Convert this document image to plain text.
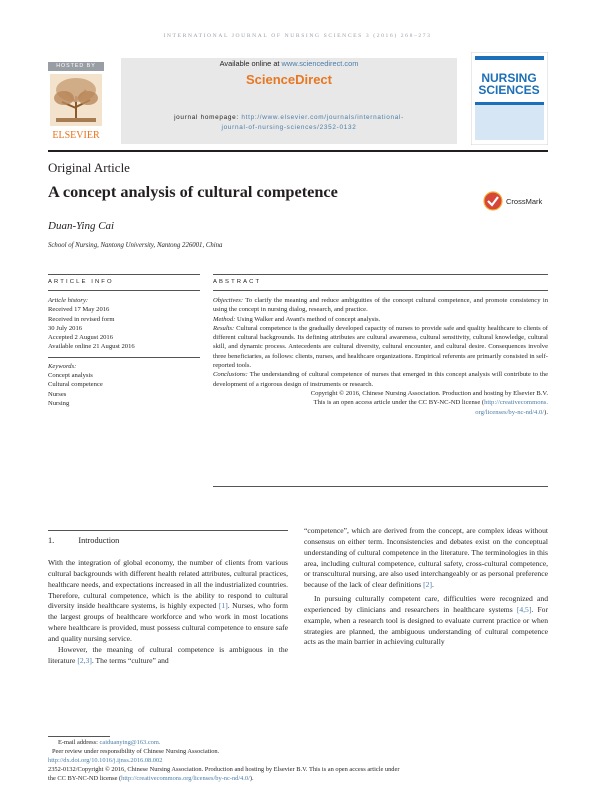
INTERNATIONAL JOURNAL OF NURSING SCIENCES 3 (2016) 268–273
HOSTED BY
ELSEVIER
Available online at www.sciencedirect.com
ScienceDirect
journal homepage: http://www.elsevier.com/journals/international-
journal-of-nursing-sciences/2352-0132
NURSING
SCIENCES
Original Article
A concept analysis of cultural competence
CrossMark
Duan-Ying Cai
School of Nursing, Nantong University, Nantong 226001, China
ARTICLE INFO	ABSTRACT
Article history:
Received 17 May 2016
Received in revised form
30 July 2016
Accepted 2 August 2016
Available online 21 August 2016
Keywords:
Concept analysis
Cultural competence
Nurses
Nursing

Objectives: To clarify the meaning and reduce ambiguities of the concept cultural competence, and promote consistency in using the concept in nursing dialog, research, and practice.

Method: Using Walker and Avant's method of concept analysis.

Results: Cultural competence is the gradually developed capacity of nurses to provide safe and quality healthcare to clients of different cultural backgrounds. Its defining attributes are cultural awareness, cultural sensitivity, cultural knowledge, cultural skill, and dynamic process. Antecedents are cultural diversity, cultural encounter, and cultural desire. Consequences involve three beneficiaries, as follows: clients, nurses, and healthcare organizations. Empirical referents are primarily consisted in self-reported tools.

Conclusions: The understanding of cultural competence of nurses that emerged in this concept analysis will contribute to the development of a rigorous design of instruments or research.

Copyright © 2016, Chinese Nursing Association. Production and hosting by Elsevier B.V.

This is an open access article under the CC BY-NC-ND license (http://creativecommons.

org/licenses/by-nc-nd/4.0/).

1.	Introduction

With the integration of global economy, the number of clients from various cultural backgrounds with different health related attributes, cultural practices, healthcare needs, and expectations increased in all the industrialized countries. Therefore, cultural competence, which is the ability to respond to cultural diversity inside healthcare systems, is highly expected [1]. Nurses, who form the largest groups of healthcare workforce and who work in most locations where healthcare is provided, must possess cultural competence to ensure safe and quality nursing service.

However, the meaning of cultural competence is ambiguous in the literature [2,3]. The terms “culture” and

“competence”, which are derived from the concept, are complex ideas without consensus on either term. Inconsistencies and debates exist on the conceptual understanding of cultural competence in the literature. The terminologies in this area, including cultural competence, cultural safety, cross-cultural competence, or transcultural nursing, are also used interchangeably or as personal preference because of the lack of clear definitions [2].

In pursuing culturally competent care, difficulties were recognized and experienced by clinicians and researchers in healthcare systems [4,5]. For example, when a research tool is designed to evaluate current practice or when strategies are planned, the ambiguous understanding of cultural competence acts as the main barrier in achieving culturally

E-mail address: caiduanying@163.com.
Peer review under responsibility of Chinese Nursing Association.
http://dx.doi.org/10.1016/j.ijnss.2016.08.002
2352-0132/Copyright © 2016, Chinese Nursing Association. Production and hosting by Elsevier B.V. This is an open access article under
the CC BY-NC-ND license (http://creativecommons.org/licenses/by-nc-nd/4.0/).
